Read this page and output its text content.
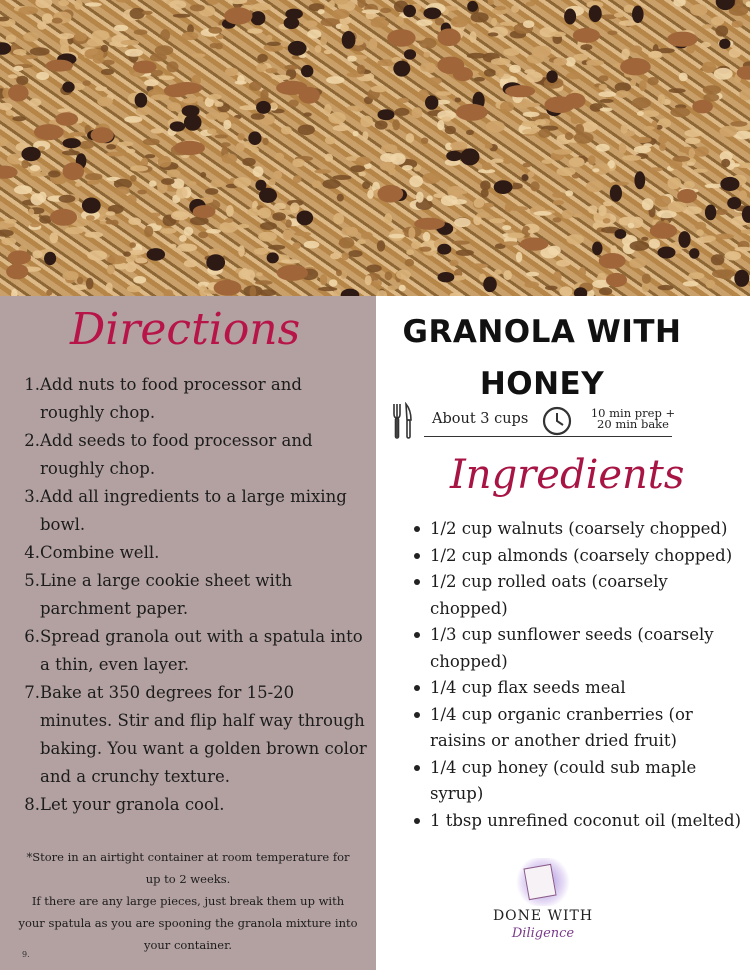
Directions
1. Add nuts to food processor and roughly chop.
2. Add seeds to food processor and roughly chop.
3. Add all ingredients to a large mixing bowl.
4. Combine well.
5. Line a large cookie sheet with parchment paper.
6. Spread granola out with a spatula into a thin, even layer.
7. Bake at 350 degrees for 15-20 minutes. Stir and flip half way through baking. You want a golden brown color and a crunchy texture.
8. Let your granola cool.
*Store in an airtight container at room temperature for up to 2 weeks.
If there are any large pieces, just break them up with your spatula as you are spooning the granola mixture into your container.
9.
GRANOLA WITH
HONEY
About 3 cups	10 min prep +
20 min bake
Ingredients
1/2 cup walnuts (coarsely chopped)
1/2 cup almonds (coarsely chopped)
1/2 cup rolled oats (coarsely chopped)
1/3 cup sunflower seeds (coarsely chopped)
1/4 cup flax seeds meal
1/4 cup organic cranberries (or raisins or another dried fruit)
1/4 cup honey (could sub maple syrup)
1 tbsp unrefined coconut oil (melted)
DONE WITH
Diligence
